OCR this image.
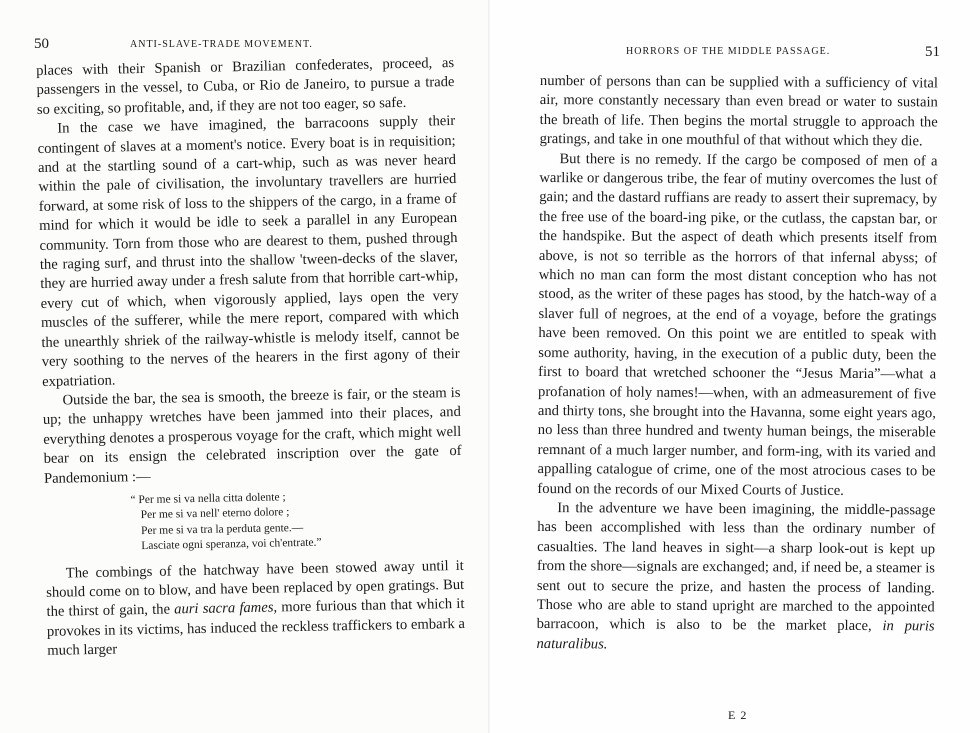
50	ANTI-SLAVE-TRADE MOVEMENT.

places with their Spanish or Brazilian confederates, proceed, as passengers in the vessel, to Cuba, or Rio de Janeiro, to pursue a trade so exciting, so profitable, and, if they are not too eager, so safe.

In the case we have imagined, the barracoons supply their contingent of slaves at a moment's notice. Every boat is in requisition; and at the startling sound of a cart-whip, such as was never heard within the pale of civilisation, the involuntary travellers are hurried forward, at some risk of loss to the shippers of the cargo, in a frame of mind for which it would be idle to seek a parallel in any European community. Torn from those who are dearest to them, pushed through the raging surf, and thrust into the shallow 'tween-decks of the slaver, they are hurried away under a fresh salute from that horrible cart-whip, every cut of which, when vigorously applied, lays open the very muscles of the sufferer, while the mere report, compared with which the unearthly shriek of the railway-whistle is melody itself, cannot be very soothing to the nerves of the hearers in the first agony of their expatriation.

Outside the bar, the sea is smooth, the breeze is fair, or the steam is up; the unhappy wretches have been jammed into their places, and everything denotes a prosperous voyage for the craft, which might well bear on its ensign the celebrated inscription over the gate of Pandemonium :—

“ Per me si va nella citta dolente ;
Per me si va nell' eterno dolore ;
Per me si va tra la perduta gente.—
Lasciate ogni speranza, voi ch'entrate.”

The combings of the hatchway have been stowed away until it should come on to blow, and have been replaced by open gratings. But the thirst of gain, the auri sacra fames, more furious than that which it provokes in its victims, has induced the reckless traffickers to embark a much larger

HORRORS OF THE MIDDLE PASSAGE.	51

number of persons than can be supplied with a sufficiency of vital air, more constantly necessary than even bread or water to sustain the breath of life. Then begins the mortal struggle to approach the gratings, and take in one mouthful of that without which they die.

But there is no remedy. If the cargo be composed of men of a warlike or dangerous tribe, the fear of mutiny overcomes the lust of gain; and the dastard ruffians are ready to assert their supremacy, by the free use of the board-ing pike, or the cutlass, the capstan bar, or the handspike. But the aspect of death which presents itself from above, is not so terrible as the horrors of that infernal abyss; of which no man can form the most distant conception who has not stood, as the writer of these pages has stood, by the hatch-way of a slaver full of negroes, at the end of a voyage, before the gratings have been removed. On this point we are entitled to speak with some authority, having, in the execution of a public duty, been the first to board that wretched schooner the “Jesus Maria”—what a profanation of holy names!—when, with an admeasurement of five and thirty tons, she brought into the Havanna, some eight years ago, no less than three hundred and twenty human beings, the miserable remnant of a much larger number, and form-ing, with its varied and appalling catalogue of crime, one of the most atrocious cases to be found on the records of our Mixed Courts of Justice.

In the adventure we have been imagining, the middle-passage has been accomplished with less than the ordinary number of casualties. The land heaves in sight—a sharp look-out is kept up from the shore—signals are exchanged; and, if need be, a steamer is sent out to secure the prize, and hasten the process of landing. Those who are able to stand upright are marched to the appointed barracoon, which is also to be the market place, in puris naturalibus.

E 2
